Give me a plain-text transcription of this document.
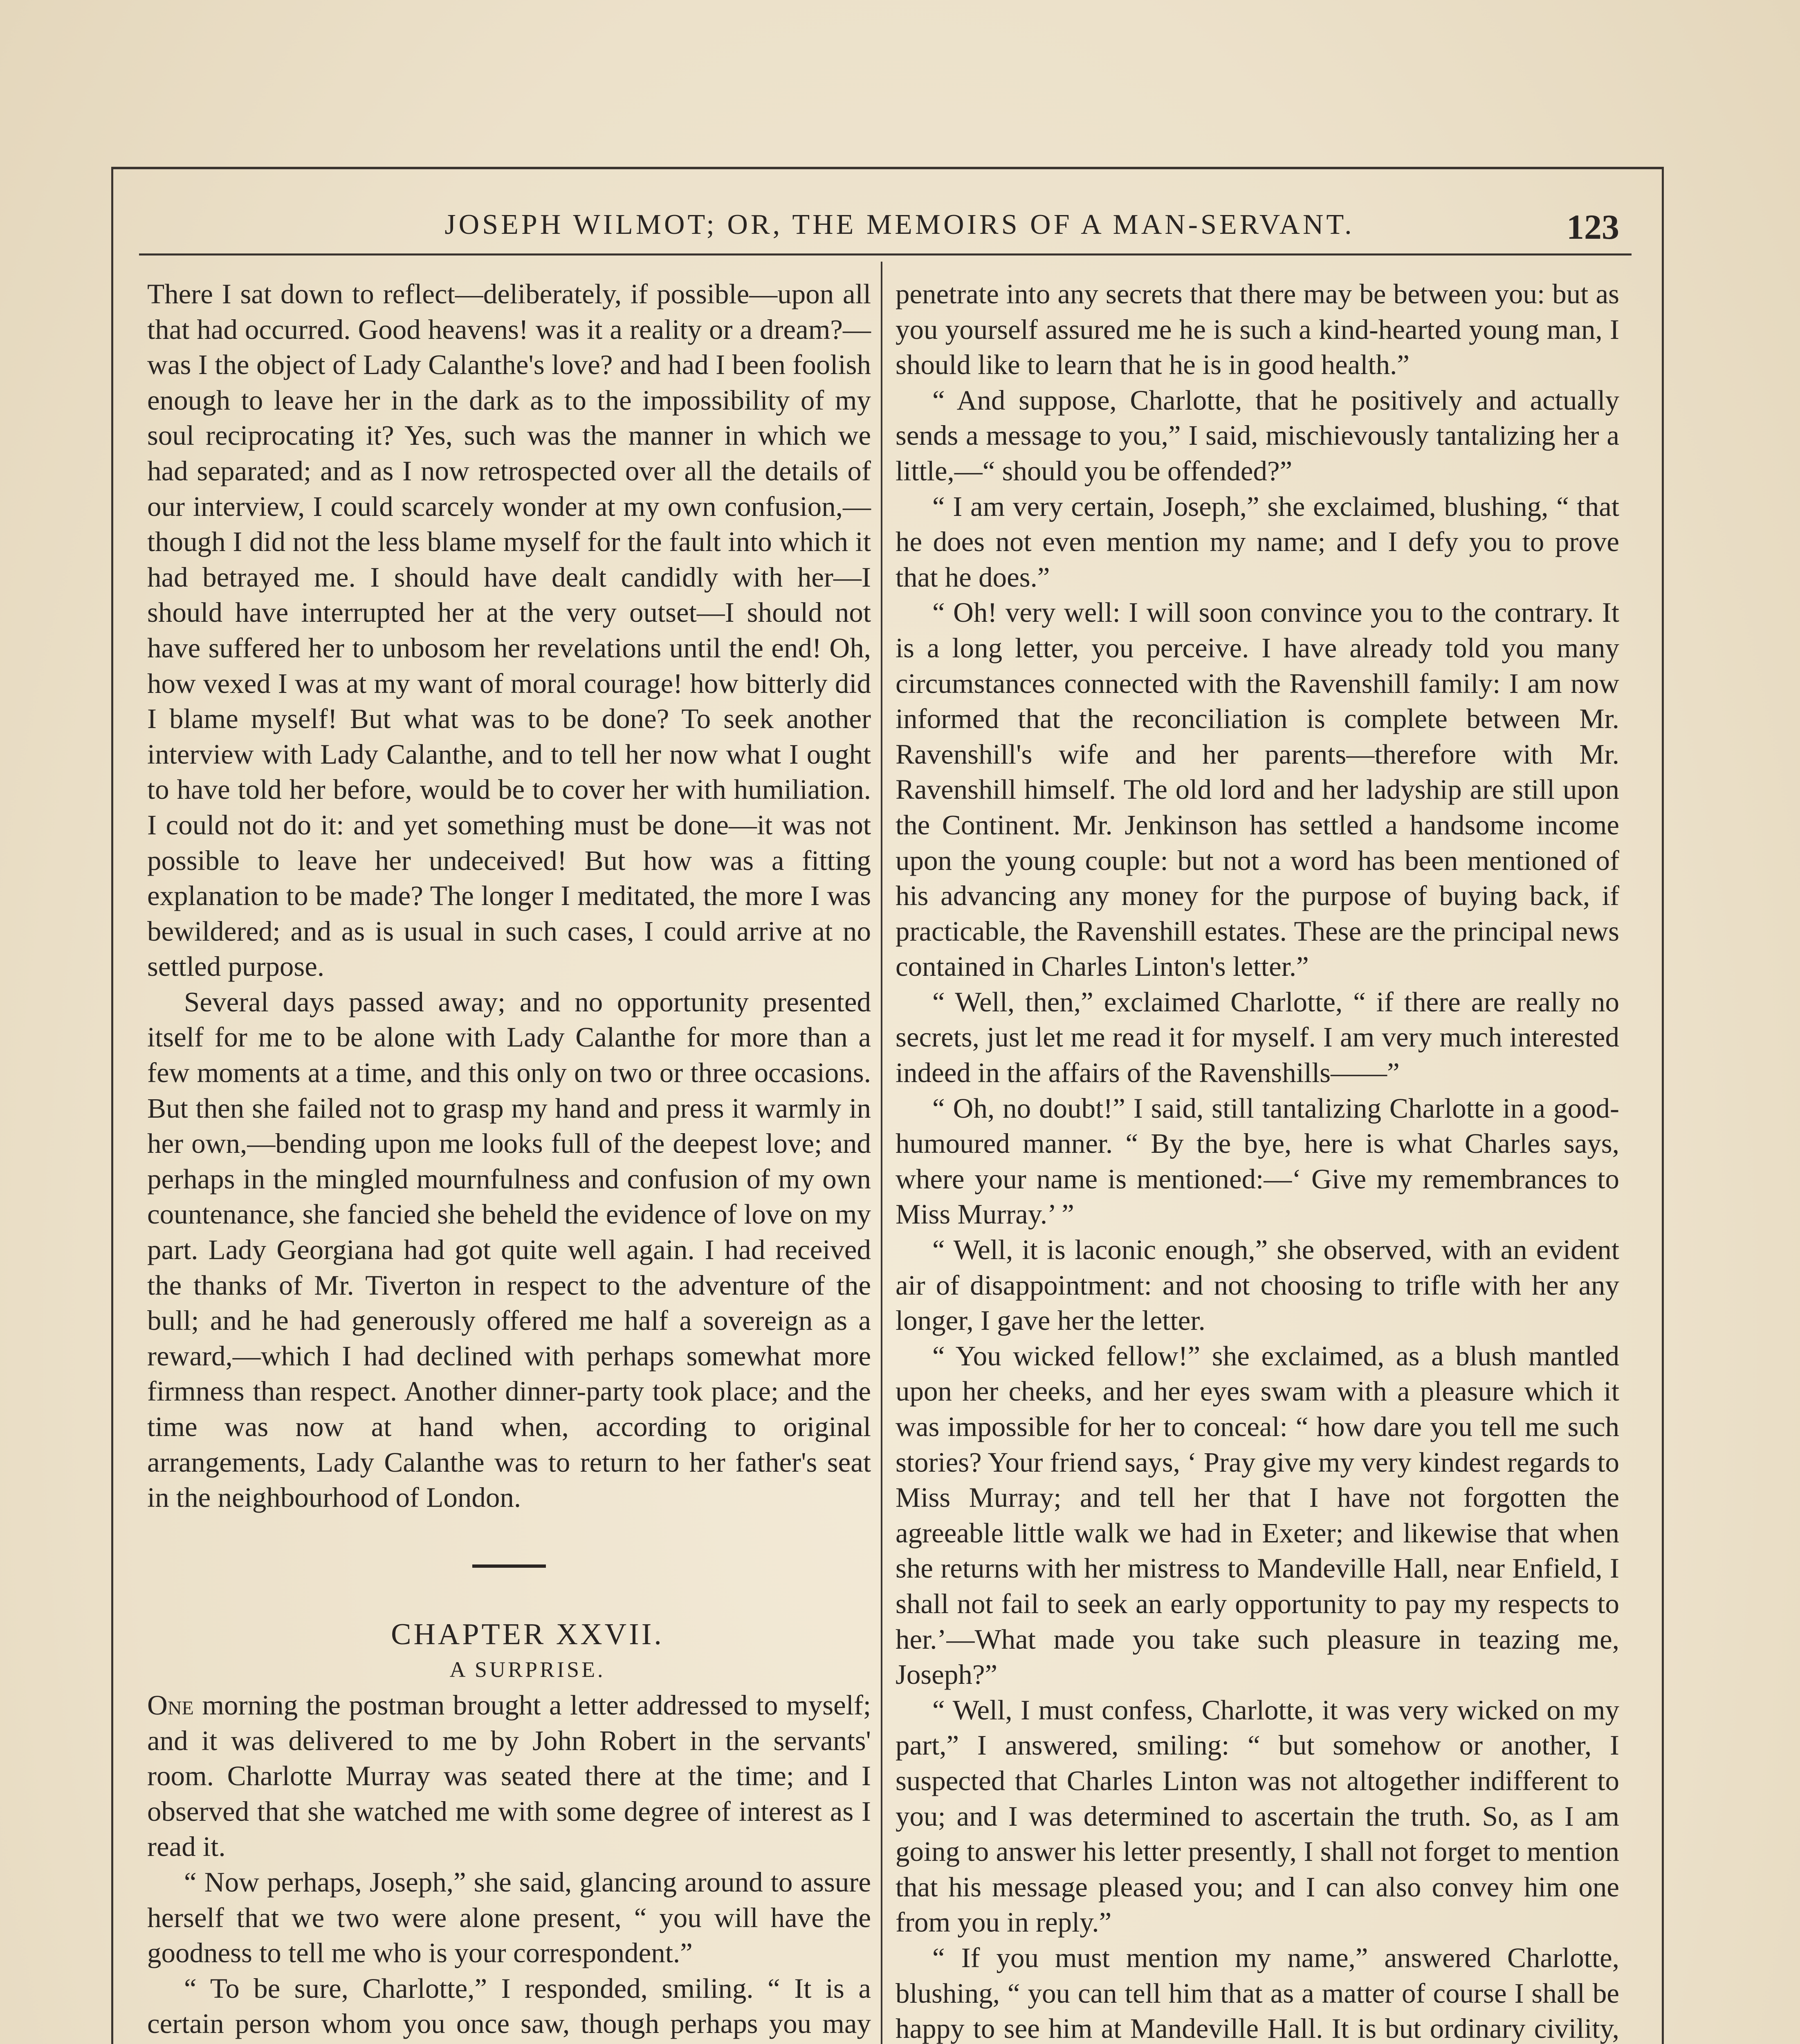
JOSEPH WILMOT; OR, THE MEMOIRS OF A MAN-SERVANT.	123

There I sat down to reflect—deliberately, if possible—upon all that had occurred. Good heavens! was it a reality or a dream?—was I the object of Lady Calanthe's love? and had I been foolish enough to leave her in the dark as to the impossibility of my soul reciprocating it? Yes, such was the manner in which we had separated; and as I now retrospected over all the details of our interview, I could scarcely wonder at my own confusion,—though I did not the less blame myself for the fault into which it had betrayed me. I should have dealt candidly with her—I should have interrupted her at the very outset—I should not have suffered her to unbosom her revelations until the end! Oh, how vexed I was at my want of moral courage! how bitterly did I blame myself! But what was to be done? To seek another interview with Lady Calanthe, and to tell her now what I ought to have told her before, would be to cover her with humiliation. I could not do it: and yet something must be done—it was not possible to leave her undeceived! But how was a fitting explanation to be made? The longer I meditated, the more I was bewildered; and as is usual in such cases, I could arrive at no settled purpose.

Several days passed away; and no opportunity presented itself for me to be alone with Lady Calanthe for more than a few moments at a time, and this only on two or three occasions. But then she failed not to grasp my hand and press it warmly in her own,—bending upon me looks full of the deepest love; and perhaps in the mingled mournfulness and confusion of my own countenance, she fancied she beheld the evidence of love on my part. Lady Georgiana had got quite well again. I had received the thanks of Mr. Tiverton in respect to the adventure of the bull; and he had generously offered me half a sovereign as a reward,—which I had declined with perhaps somewhat more firmness than respect. Another dinner-party took place; and the time was now at hand when, according to original arrangements, Lady Calanthe was to return to her father's seat in the neighbourhood of London.

CHAPTER XXVII.

A SURPRISE.

One morning the postman brought a letter addressed to myself; and it was delivered to me by John Robert in the servants' room. Charlotte Murray was seated there at the time; and I observed that she watched me with some degree of interest as I read it.

“ Now perhaps, Joseph,” she said, glancing around to assure herself that we two were alone present, “ you will have the goodness to tell me who is your correspondent.”

“ To be sure, Charlotte,” I responded, smiling. “ It is a certain person whom you once saw, though perhaps you may

penetrate into any secrets that there may be between you: but as you yourself assured me he is such a kind-hearted young man, I should like to learn that he is in good health.”

“ And suppose, Charlotte, that he positively and actually sends a message to you,” I said, mischievously tantalizing her a little,—“ should you be offended?”

“ I am very certain, Joseph,” she exclaimed, blushing, “ that he does not even mention my name; and I defy you to prove that he does.”

“ Oh! very well: I will soon convince you to the contrary. It is a long letter, you perceive. I have already told you many circumstances connected with the Ravenshill family: I am now informed that the reconciliation is complete between Mr. Ravenshill's wife and her parents—therefore with Mr. Ravenshill himself. The old lord and her ladyship are still upon the Continent. Mr. Jenkinson has settled a handsome income upon the young couple: but not a word has been mentioned of his advancing any money for the purpose of buying back, if practicable, the Ravenshill estates. These are the principal news contained in Charles Linton's letter.”

“ Well, then,” exclaimed Charlotte, “ if there are really no secrets, just let me read it for myself. I am very much interested indeed in the affairs of the Ravenshills——”

“ Oh, no doubt!” I said, still tantalizing Charlotte in a good-humoured manner. “ By the bye, here is what Charles says, where your name is mentioned:—‘ Give my remembrances to Miss Murray.’ ”

“ Well, it is laconic enough,” she observed, with an evident air of disappointment: and not choosing to trifle with her any longer, I gave her the letter.

“ You wicked fellow!” she exclaimed, as a blush mantled upon her cheeks, and her eyes swam with a pleasure which it was impossible for her to conceal: “ how dare you tell me such stories? Your friend says, ‘ Pray give my very kindest regards to Miss Murray; and tell her that I have not forgotten the agreeable little walk we had in Exeter; and likewise that when she returns with her mistress to Mandeville Hall, near Enfield, I shall not fail to seek an early opportunity to pay my respects to her.’—What made you take such pleasure in teazing me, Joseph?”

“ Well, I must confess, Charlotte, it was very wicked on my part,” I answered, smiling: “ but somehow or another, I suspected that Charles Linton was not altogether indifferent to you; and I was determined to ascertain the truth. So, as I am going to answer his letter presently, I shall not forget to mention that his message pleased you; and I can also convey him one from you in reply.”

“ If you must mention my name,” answered Charlotte, blushing, “ you can tell him that as a matter of course I shall be happy to see him at Mandeville Hall. It is but ordinary civility,
